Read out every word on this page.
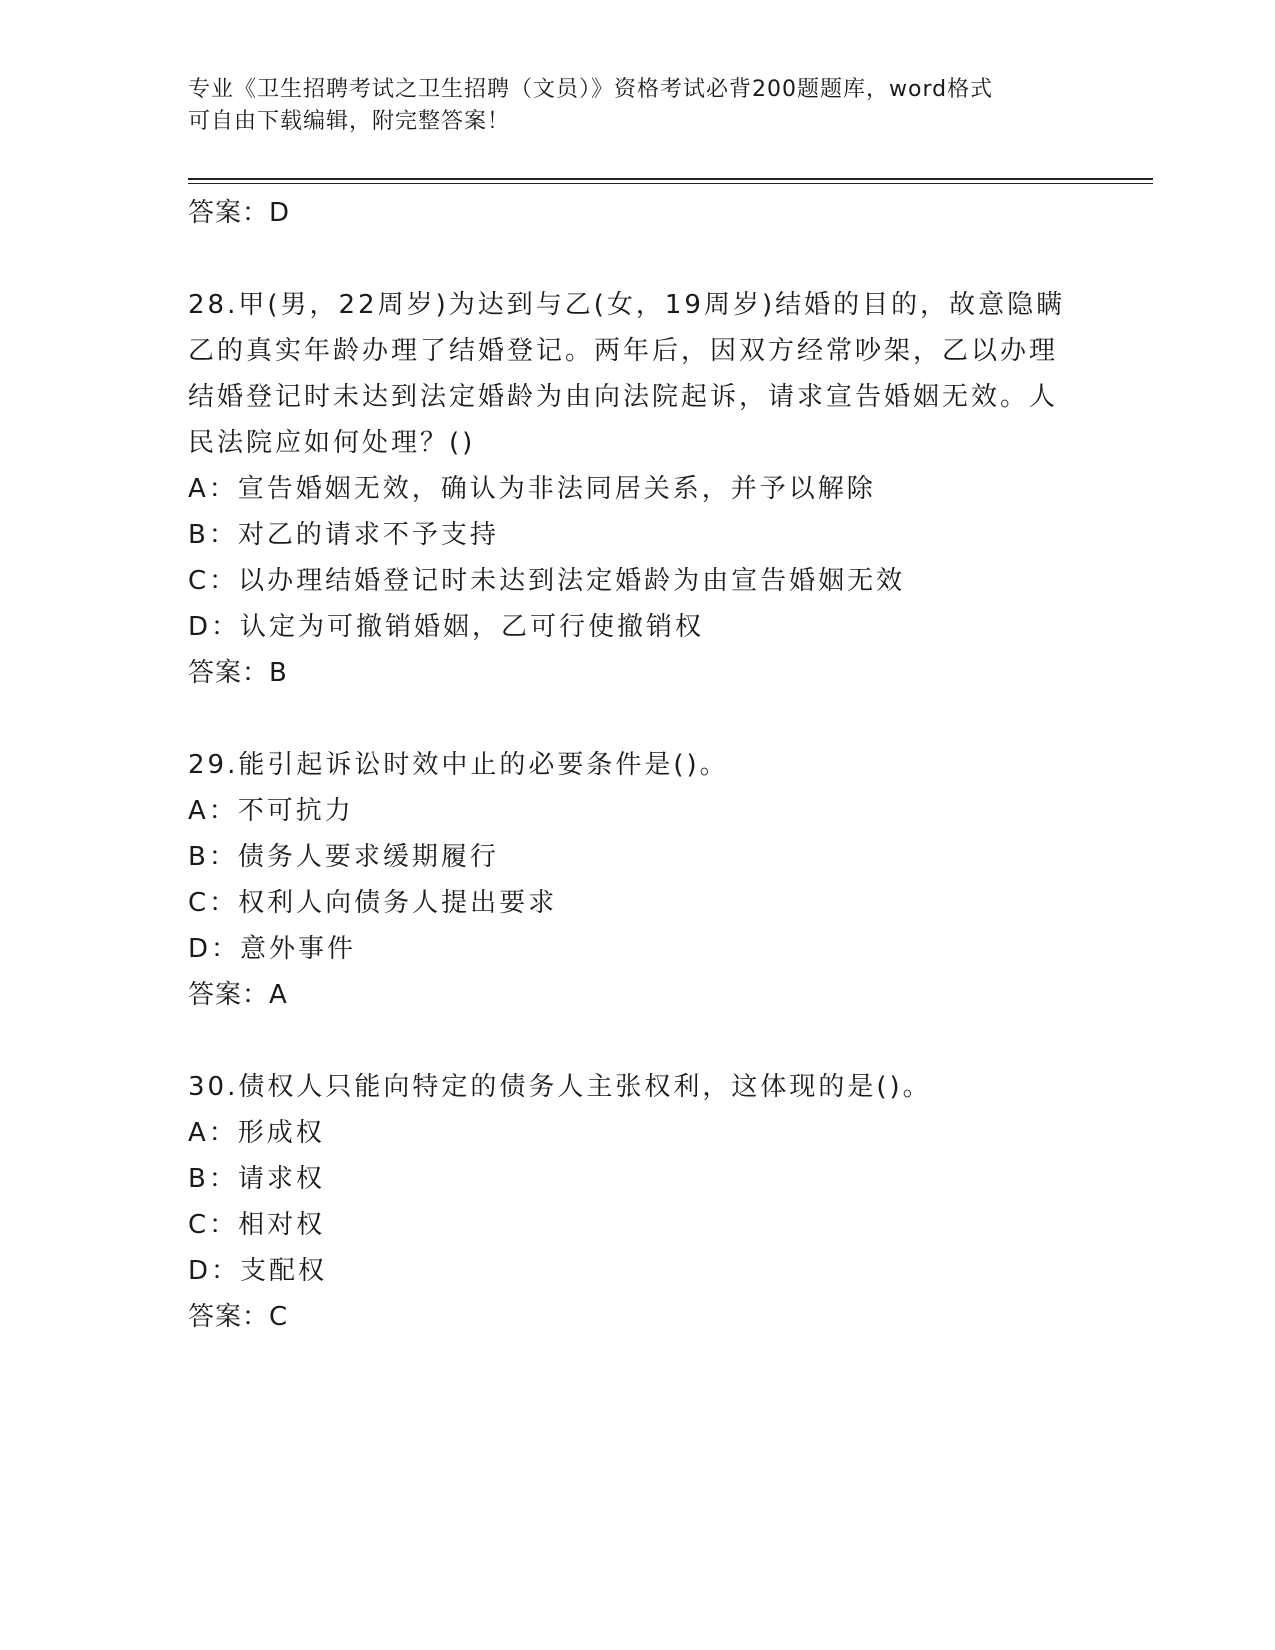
专业《卫生招聘考试之卫生招聘（文员）》资格考试必背200题题库，word格式
可自由下载编辑，附完整答案！
答案：D
28.甲(男，22周岁)为达到与乙(女，19周岁)结婚的目的，故意隐瞒
乙的真实年龄办理了结婚登记。两年后，因双方经常吵架，乙以办理
结婚登记时未达到法定婚龄为由向法院起诉，请求宣告婚姻无效。人
民法院应如何处理？()
A：宣告婚姻无效，确认为非法同居关系，并予以解除
B：对乙的请求不予支持
C：以办理结婚登记时未达到法定婚龄为由宣告婚姻无效
D：认定为可撤销婚姻，乙可行使撤销权
答案：B
29.能引起诉讼时效中止的必要条件是()。
A：不可抗力
B：债务人要求缓期履行
C：权利人向债务人提出要求
D：意外事件
答案：A
30.债权人只能向特定的债务人主张权利，这体现的是()。
A：形成权
B：请求权
C：相对权
D：支配权
答案：C
